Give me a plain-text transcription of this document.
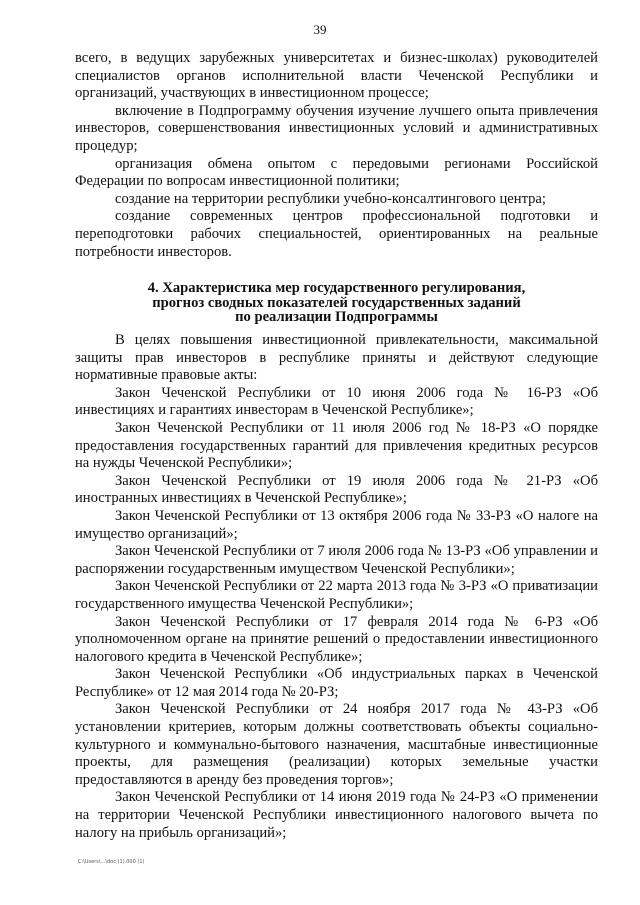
39

всего, в ведущих зарубежных университетах и бизнес-школах) руководителей специалистов органов исполнительной власти Чеченской Республики и организаций, участвующих в инвестиционном процессе;

включение в Подпрограмму обучения изучение лучшего опыта привлечения инвесторов, совершенствования инвестиционных условий и административных процедур;

организация обмена опытом с передовыми регионами Российской Федерации по вопросам инвестиционной политики;

создание на территории республики учебно-консалтингового центра;

создание современных центров профессиональной подготовки и переподготовки рабочих специальностей, ориентированных на реальные потребности инвесторов.

4. Характеристика мер государственного регулирования,
прогноз сводных показателей государственных заданий
по реализации Подпрограммы

В целях повышения инвестиционной привлекательности, максимальной защиты прав инвесторов в республике приняты и действуют следующие нормативные правовые акты:

Закон Чеченской Республики от 10 июня 2006 года № 16-РЗ «Об инвестициях и гарантиях инвесторам в Чеченской Республике»;

Закон Чеченской Республики от 11 июля 2006 год № 18-РЗ «О порядке предоставления государственных гарантий для привлечения кредитных ресурсов на нужды Чеченской Республики»;

Закон Чеченской Республики от 19 июля 2006 года № 21-РЗ «Об иностранных инвестициях в Чеченской Республике»;

Закон Чеченской Республики от 13 октября 2006 года № 33-РЗ «О налоге на имущество организаций»;

Закон Чеченской Республики от 7 июля 2006 года № 13-РЗ «Об управлении и распоряжении государственным имуществом Чеченской Республики»;

Закон Чеченской Республики от 22 марта 2013 года № 3-РЗ «О приватизации государственного имущества Чеченской Республики»;

Закон Чеченской Республики от 17 февраля 2014 года № 6-РЗ «Об уполномоченном органе на принятие решений о предоставлении инвестиционного налогового кредита в Чеченской Республике»;

Закон Чеченской Республики «Об индустриальных парках в Чеченской Республике» от 12 мая 2014 года № 20-РЗ;

Закон Чеченской Республики от 24 ноября 2017 года № 43-РЗ «Об установлении критериев, которым должны соответствовать объекты социально-культурного и коммунально-бытового назначения, масштабные инвестиционные проекты, для размещения (реализации) которых земельные участки предоставляются в аренду без проведения торгов»;

Закон Чеченской Республики от 14 июня 2019 года № 24-РЗ «О применении на территории Чеченской Республики инвестиционного налогового вычета по налогу на прибыль организаций»;

C:\Users\...\doc (1).000 (1)
